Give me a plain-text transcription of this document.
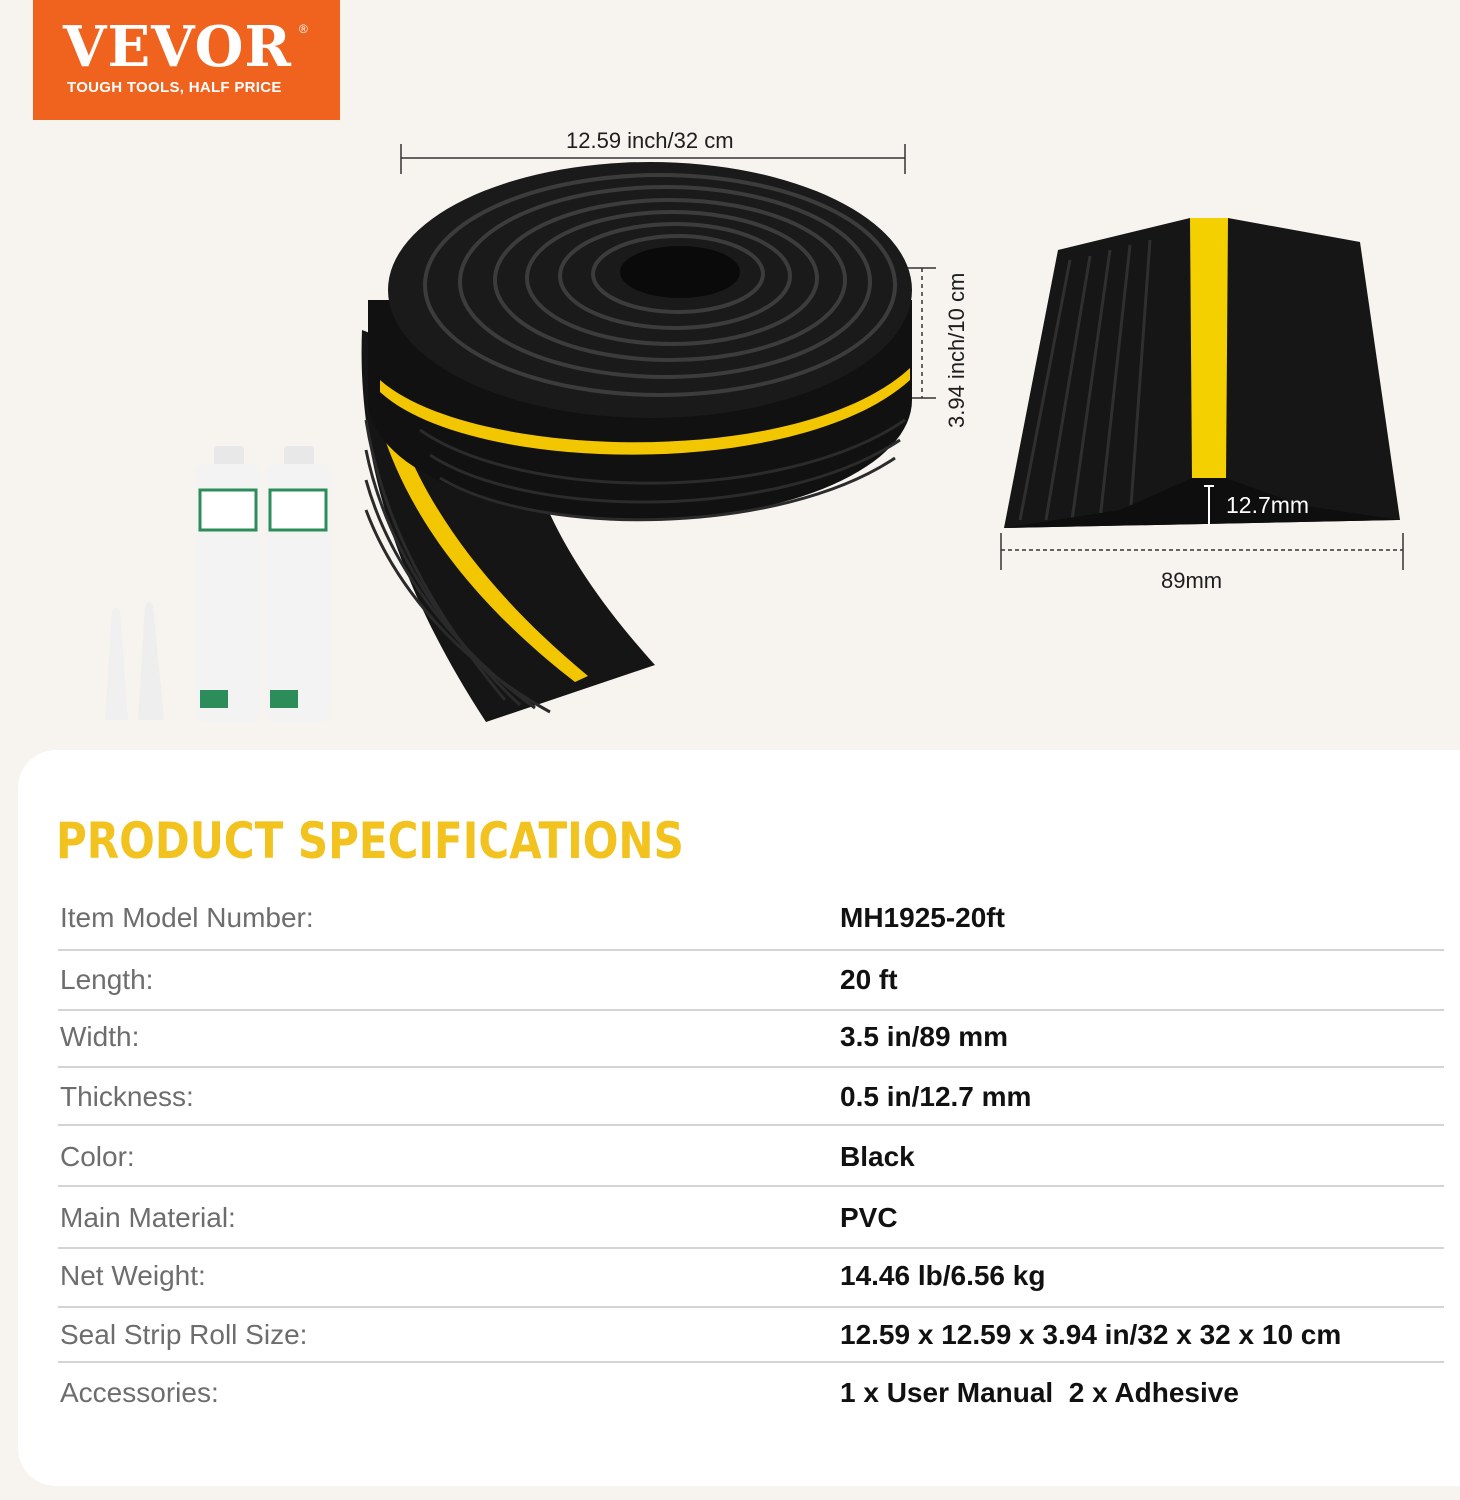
VEVOR ®
TOUGH TOOLS, HALF PRICE
12.59 inch/32 cm
3.94 inch/10 cm
12.7mm
89mm
PRODUCT SPECIFICATIONS
Item Model Number:	MH1925-20ft
Length:	20 ft
Width:	3.5 in/89 mm
Thickness:	0.5 in/12.7 mm
Color:	Black
Main Material:	PVC
Net Weight:	14.46 lb/6.56 kg
Seal Strip Roll Size:	12.59 x 12.59 x 3.94 in/32 x 32 x 10 cm
Accessories:	1 x User Manual  2 x Adhesive
